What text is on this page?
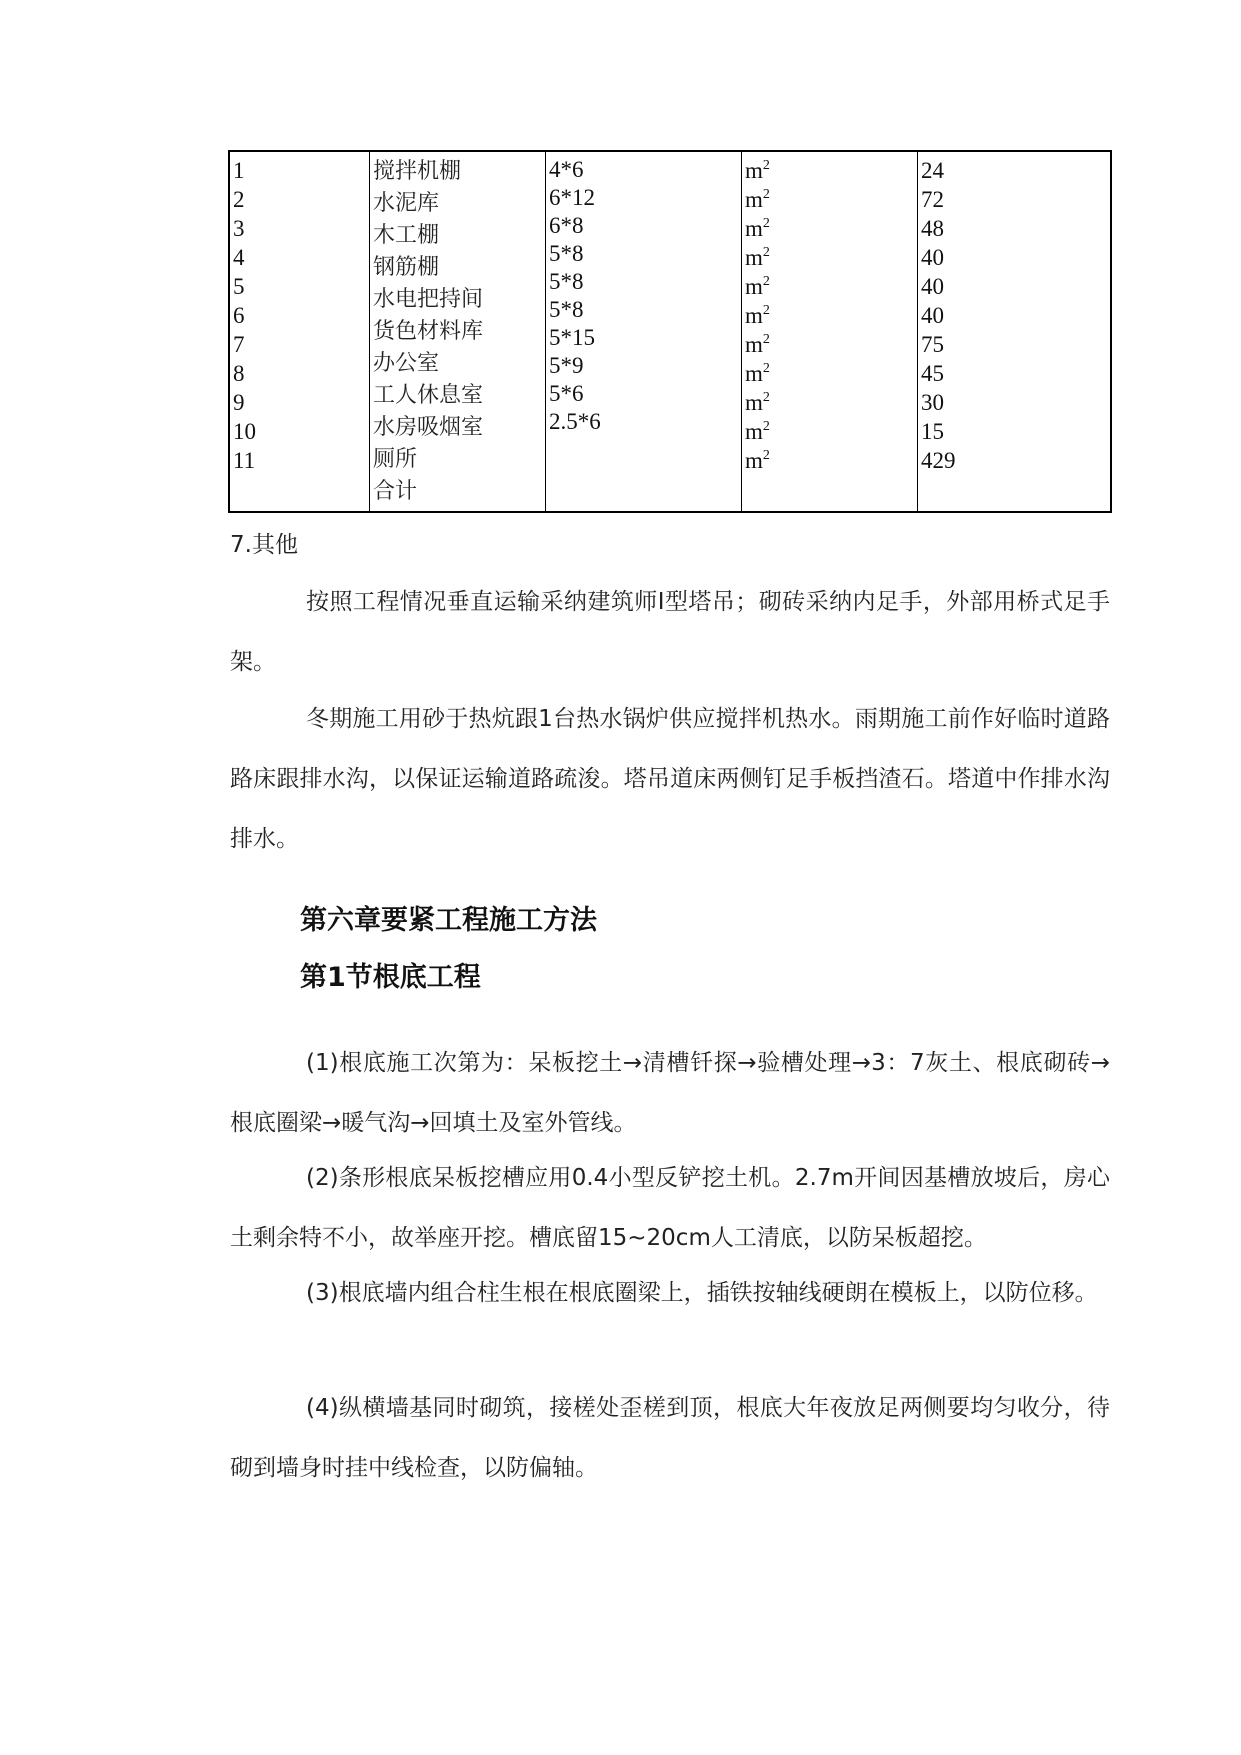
1
2
3
4
5
6
7
8
9
10
11
搅拌机棚
水泥库
木工棚
钢筋棚
水电把持间
货色材料库
办公室
工人休息室
水房吸烟室
厕所
合计
4*6
6*12
6*8
5*8
5*8
5*8
5*15
5*9
5*6
2.5*6
$m^2$
$m^2$
$m^2$
$m^2$
$m^2$
$m^2$
$m^2$
$m^2$
$m^2$
$m^2$
$m^2$
24
72
48
40
40
40
75
45
30
15
429

7.其他

按照工程情况垂直运输采纳建筑师I型塔吊；砌砖采纳内足手，外部用桥式足手架。

冬期施工用砂于热炕跟1台热水锅炉供应搅拌机热水。雨期施工前作好临时道路路床跟排水沟，以保证运输道路疏浚。塔吊道床两侧钉足手板挡渣石。塔道中作排水沟排水。

第六章要紧工程施工方法
第1节根底工程

(1)根底施工次第为：呆板挖土→清槽钎探→验槽处理→3：7灰土、根底砌砖→根底圈梁→暖气沟→回填土及室外管线。

(2)条形根底呆板挖槽应用0.4小型反铲挖土机。2.7m开间因基槽放坡后，房心土剩余特不小，故举座开挖。槽底留15~20cm人工清底，以防呆板超挖。

(3)根底墙内组合柱生根在根底圈梁上，插铁按轴线硬朗在模板上，以防位移。

(4)纵横墙基同时砌筑，接槎处歪槎到顶，根底大年夜放足两侧要均匀收分，待砌到墙身时挂中线检查，以防偏轴。
